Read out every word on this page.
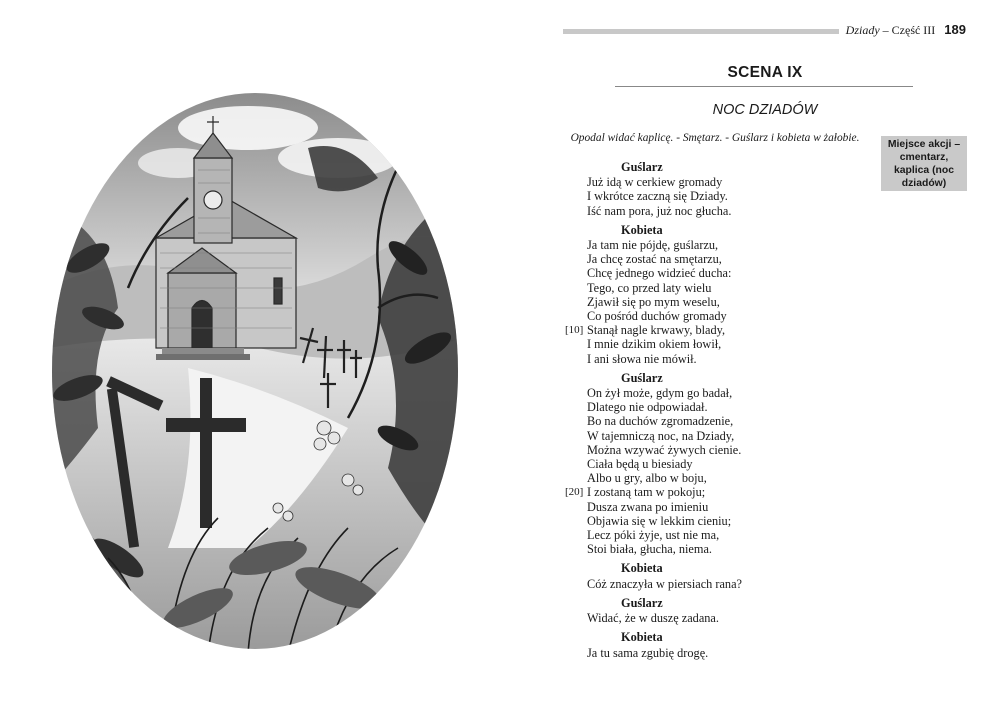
Dziady – Część III 189
SCENA IX
NOC DZIADÓW
Opodal widać kaplicę. - Smętarz. - Guślarz i kobieta w żałobie.	Miejsce akcji – cmentarz, kaplica (noc dziadów)
Guślarz
Już idą w cerkiew gromady
I wkrótce zaczną się Dziady.
Iść nam pora, już noc głucha.
Kobieta
Ja tam nie pójdę, guślarzu,
Ja chcę zostać na smętarzu,
Chcę jednego widzieć ducha:
Tego, co przed laty wielu
Zjawił się po mym weselu,
Co pośród duchów gromady
[10] Stanął nagle krwawy, blady,
I mnie dzikim okiem łowił,
I ani słowa nie mówił.
Guślarz
On żył może, gdym go badał,
Dlatego nie odpowiadał.
Bo na duchów zgromadzenie,
W tajemniczą noc, na Dziady,
Można wzywać żywych cienie.
Ciała będą u biesiady
Albo u gry, albo w boju,
[20] I zostaną tam w pokoju;
Dusza zwana po imieniu
Objawia się w lekkim cieniu;
Lecz póki żyje, ust nie ma,
Stoi biała, głucha, niema.
Kobieta
Cóż znaczyła w piersiach rana?
Guślarz
Widać, że w duszę zadana.
Kobieta
Ja tu sama zgubię drogę.
